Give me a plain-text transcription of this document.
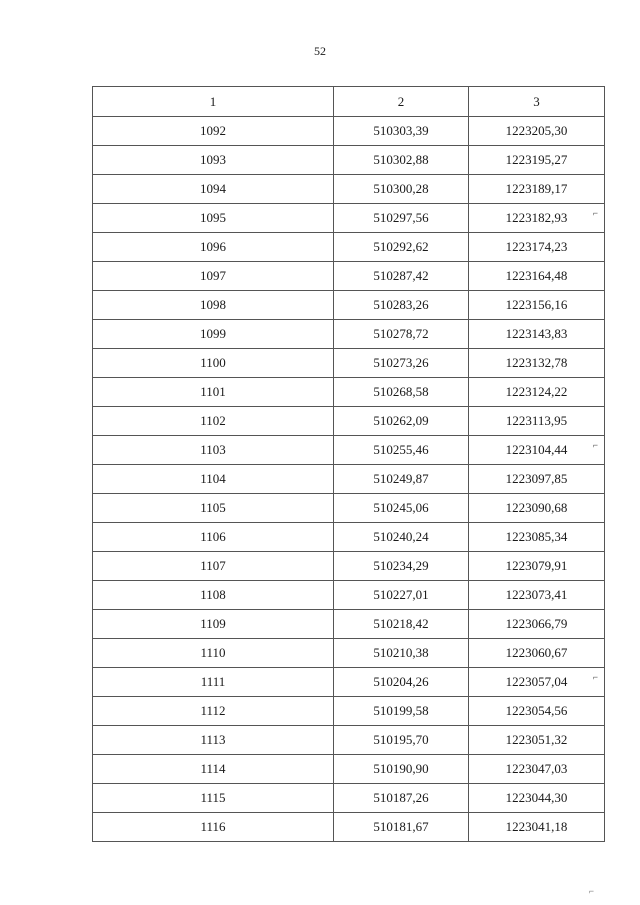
52
1	2	3
1092	510303,39	1223205,30
1093	510302,88	1223195,27
1094	510300,28	1223189,17
1095	510297,56	1223182,93 ⌐

1096	510292,62	1223174,23
1097	510287,42	1223164,48
1098	510283,26	1223156,16
1099	510278,72	1223143,83
1100	510273,26	1223132,78
1101	510268,58	1223124,22
1102	510262,09	1223113,95
1103	510255,46	1223104,44 ⌐

1104	510249,87	1223097,85
1105	510245,06	1223090,68
1106	510240,24	1223085,34
1107	510234,29	1223079,91
1108	510227,01	1223073,41
1109	510218,42	1223066,79
1110	510210,38	1223060,67
1111	510204,26	1223057,04 ⌐

1112	510199,58	1223054,56
1113	510195,70	1223051,32
1114	510190,90	1223047,03
1115	510187,26	1223044,30
1116	510181,67	1223041,18
⌐
